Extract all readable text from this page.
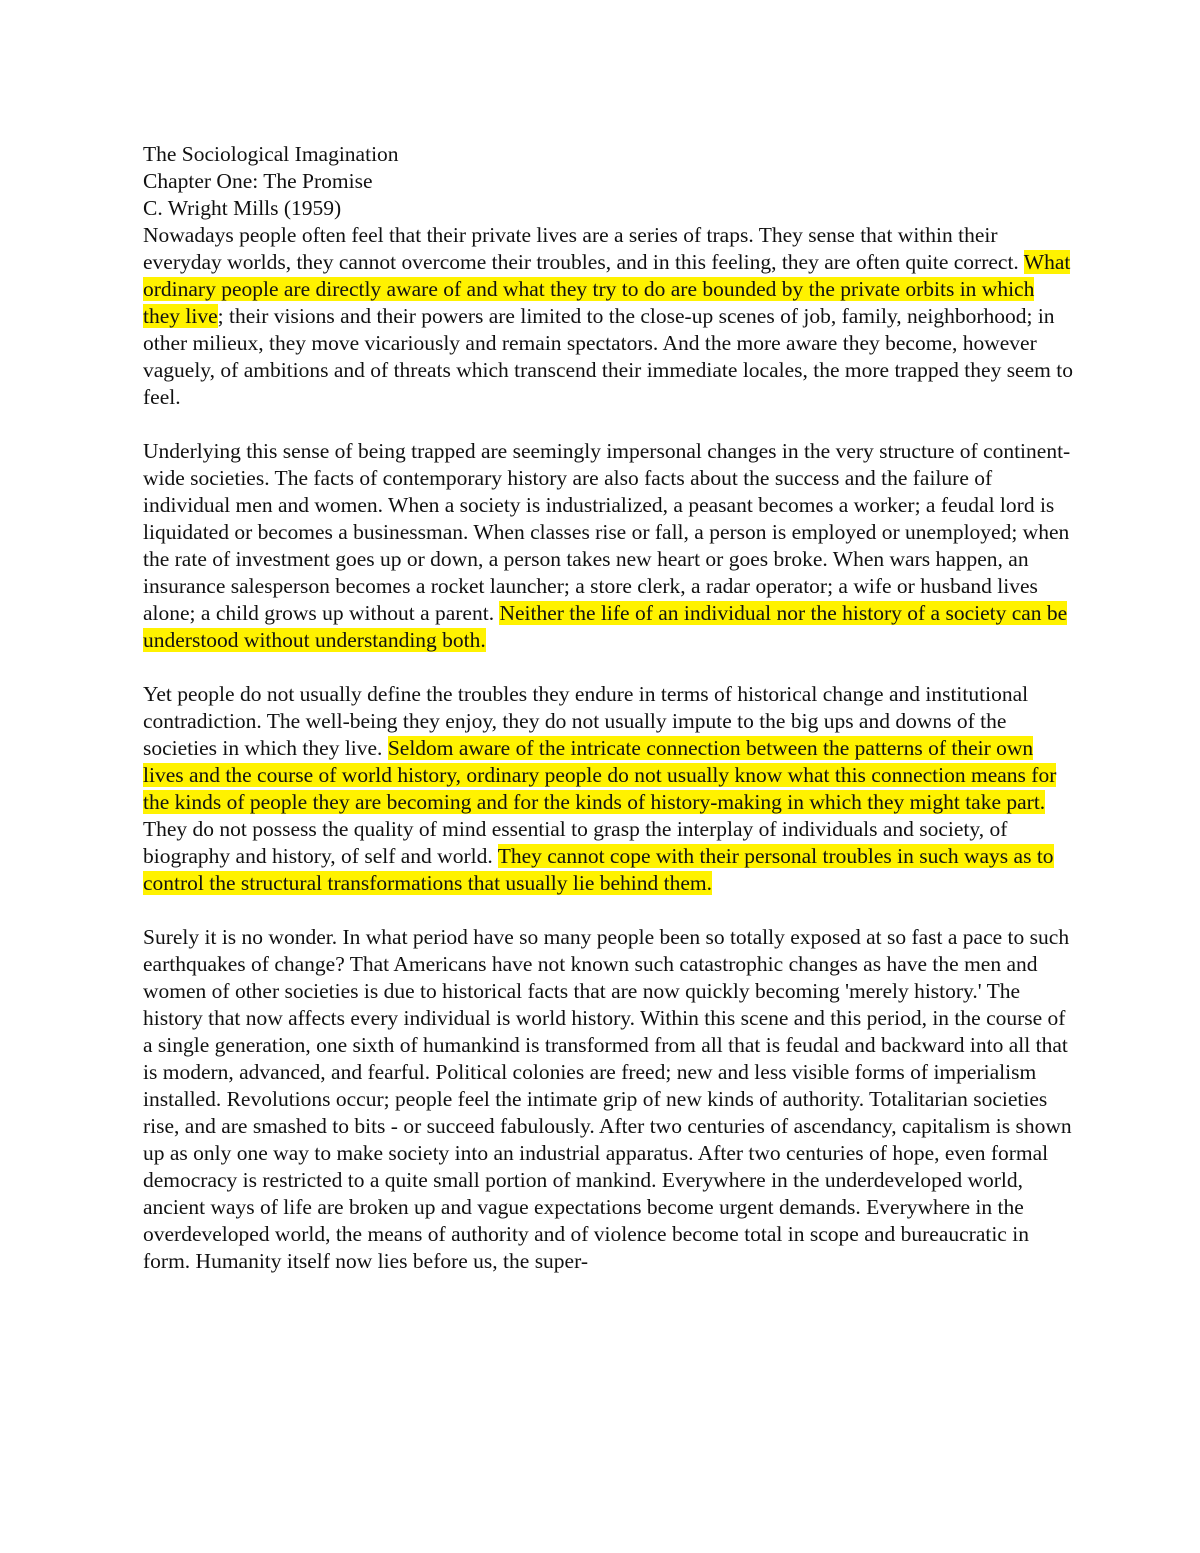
The Sociological Imagination
Chapter One: The Promise
C. Wright Mills (1959)

Nowadays people often feel that their private lives are a series of traps. They sense that within their everyday worlds, they cannot overcome their troubles, and in this feeling, they are often quite correct. What ordinary people are directly aware of and what they try to do are bounded by the private orbits in which they live; their visions and their powers are limited to the close-up scenes of job, family, neighborhood; in other milieux, they move vicariously and remain spectators. And the more aware they become, however vaguely, of ambitions and of threats which transcend their immediate locales, the more trapped they seem to feel.

Underlying this sense of being trapped are seemingly impersonal changes in the very structure of continent-wide societies. The facts of contemporary history are also facts about the success and the failure of individual men and women. When a society is industrialized, a peasant becomes a worker; a feudal lord is liquidated or becomes a businessman. When classes rise or fall, a person is employed or unemployed; when the rate of investment goes up or down, a person takes new heart or goes broke. When wars happen, an insurance salesperson becomes a rocket launcher; a store clerk, a radar operator; a wife or husband lives alone; a child grows up without a parent. Neither the life of an individual nor the history of a society can be understood without understanding both.

Yet people do not usually define the troubles they endure in terms of historical change and institutional contradiction. The well-being they enjoy, they do not usually impute to the big ups and downs of the societies in which they live. Seldom aware of the intricate connection between the patterns of their own lives and the course of world history, ordinary people do not usually know what this connection means for the kinds of people they are becoming and for the kinds of history-making in which they might take part. They do not possess the quality of mind essential to grasp the interplay of individuals and society, of biography and history, of self and world. They cannot cope with their personal troubles in such ways as to control the structural transformations that usually lie behind them.

Surely it is no wonder. In what period have so many people been so totally exposed at so fast a pace to such earthquakes of change? That Americans have not known such catastrophic changes as have the men and women of other societies is due to historical facts that are now quickly becoming 'merely history.' The history that now affects every individual is world history. Within this scene and this period, in the course of a single generation, one sixth of humankind is transformed from all that is feudal and backward into all that is modern, advanced, and fearful. Political colonies are freed; new and less visible forms of imperialism installed. Revolutions occur; people feel the intimate grip of new kinds of authority. Totalitarian societies rise, and are smashed to bits - or succeed fabulously. After two centuries of ascendancy, capitalism is shown up as only one way to make society into an industrial apparatus. After two centuries of hope, even formal democracy is restricted to a quite small portion of mankind. Everywhere in the underdeveloped world, ancient ways of life are broken up and vague expectations become urgent demands. Everywhere in the overdeveloped world, the means of authority and of violence become total in scope and bureaucratic in form. Humanity itself now lies before us, the super-
